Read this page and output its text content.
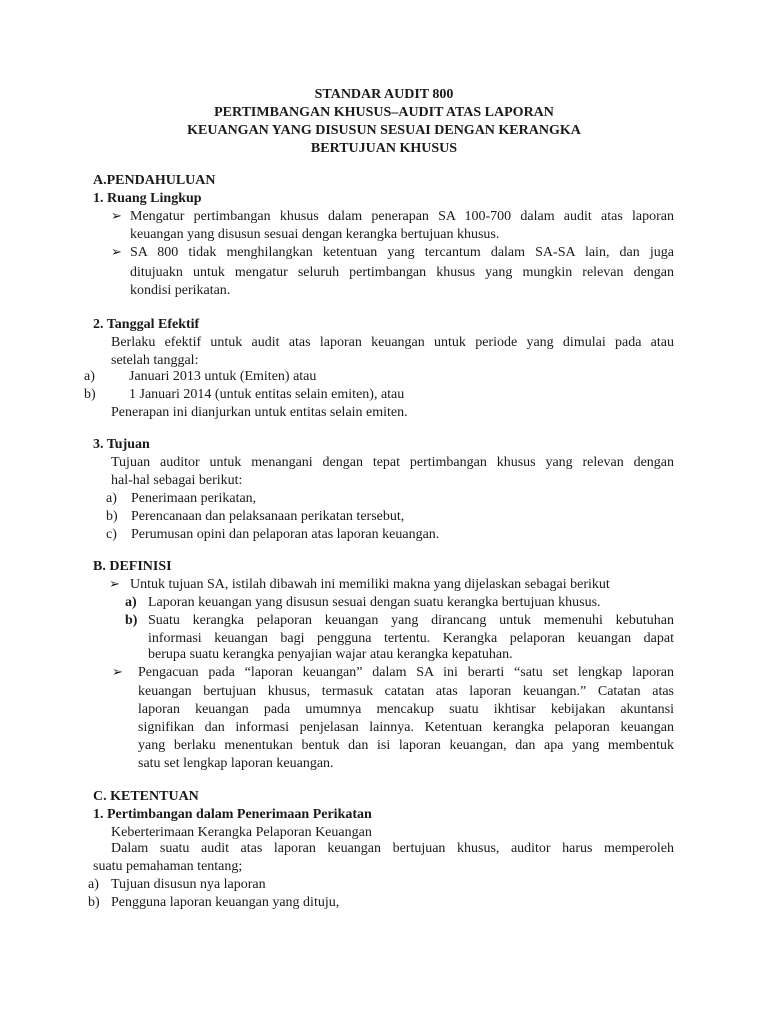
STANDAR AUDIT 800
PERTIMBANGAN KHUSUS–AUDIT ATAS LAPORAN
KEUANGAN YANG DISUSUN SESUAI DENGAN KERANGKA
BERTUJUAN KHUSUS
A.PENDAHULUAN
1. Ruang Lingkup
➢ Mengatur pertimbangan khusus dalam penerapan SA 100-700 dalam audit atas laporan
keuangan yang disusun sesuai dengan kerangka bertujuan khusus.
➢ SA 800 tidak menghilangkan ketentuan yang tercantum dalam SA-SA lain, dan juga
ditujuakn untuk mengatur seluruh pertimbangan khusus yang mungkin relevan dengan
kondisi perikatan.
2. Tanggal Efektif
Berlaku efektif untuk audit atas laporan keuangan untuk periode yang dimulai pada atau
setelah tanggal:
a) Januari 2013 untuk (Emiten) atau
b) 1 Januari 2014 (untuk entitas selain emiten), atau
Penerapan ini dianjurkan untuk entitas selain emiten.
3. Tujuan
Tujuan auditor untuk menangani dengan tepat pertimbangan khusus yang relevan dengan
hal-hal sebagai berikut:
a) Penerimaan perikatan,
b) Perencanaan dan pelaksanaan perikatan tersebut,
c) Perumusan opini dan pelaporan atas laporan keuangan.
B. DEFINISI
➢ Untuk tujuan SA, istilah dibawah ini memiliki makna yang dijelaskan sebagai berikut
a) Laporan keuangan yang disusun sesuai dengan suatu kerangka bertujuan khusus.
b) Suatu kerangka pelaporan keuangan yang dirancang untuk memenuhi kebutuhan
informasi keuangan bagi pengguna tertentu. Kerangka pelaporan keuangan dapat
berupa suatu kerangka penyajian wajar atau kerangka kepatuhan.
➢ Pengacuan pada “laporan keuangan” dalam SA ini berarti “satu set lengkap laporan
keuangan bertujuan khusus, termasuk catatan atas laporan keuangan.” Catatan atas
laporan keuangan pada umumnya mencakup suatu ikhtisar kebijakan akuntansi
signifikan dan informasi penjelasan lainnya. Ketentuan kerangka pelaporan keuangan
yang berlaku menentukan bentuk dan isi laporan keuangan, dan apa yang membentuk
satu set lengkap laporan keuangan.
C. KETENTUAN
1. Pertimbangan dalam Penerimaan Perikatan
Keberterimaan Kerangka Pelaporan Keuangan
Dalam suatu audit atas laporan keuangan bertujuan khusus, auditor harus memperoleh
suatu pemahaman tentang;
a) Tujuan disusun nya laporan
b) Pengguna laporan keuangan yang dituju,
